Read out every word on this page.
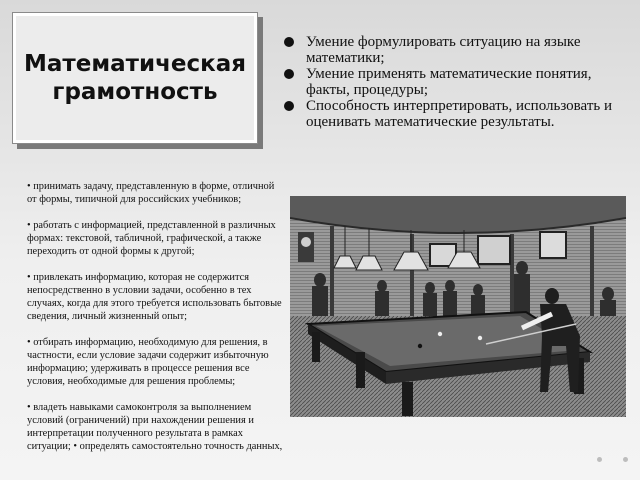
Математическая грамотность
Умение формулировать ситуацию на языке математики;
Умение применять математические понятия, факты, процедуры;
Способность интерпретировать, использовать и оценивать математические результаты.

• принимать задачу, представленную в форме, отличной от формы, типичной для российских учебников;

• работать с информацией, представленной в различных формах: текстовой, табличной, графической, а также переходить от одной формы к другой;

• привлекать информацию, которая не содержится непосредственно в условии задачи, особенно в тех случаях, когда для этого требуется использовать бытовые сведения, личный жизненный опыт;

• отбирать информацию, необходимую для решения, в частности, если условие задачи содержит избыточную информацию; удерживать в процессе решения все условия, необходимые для решения проблемы;

• владеть навыками самоконтроля за выполнением условий (ограничений) при нахождении решения и интерпретации полученного результата в рамках ситуации; • определять самостоятельно точность данных,
